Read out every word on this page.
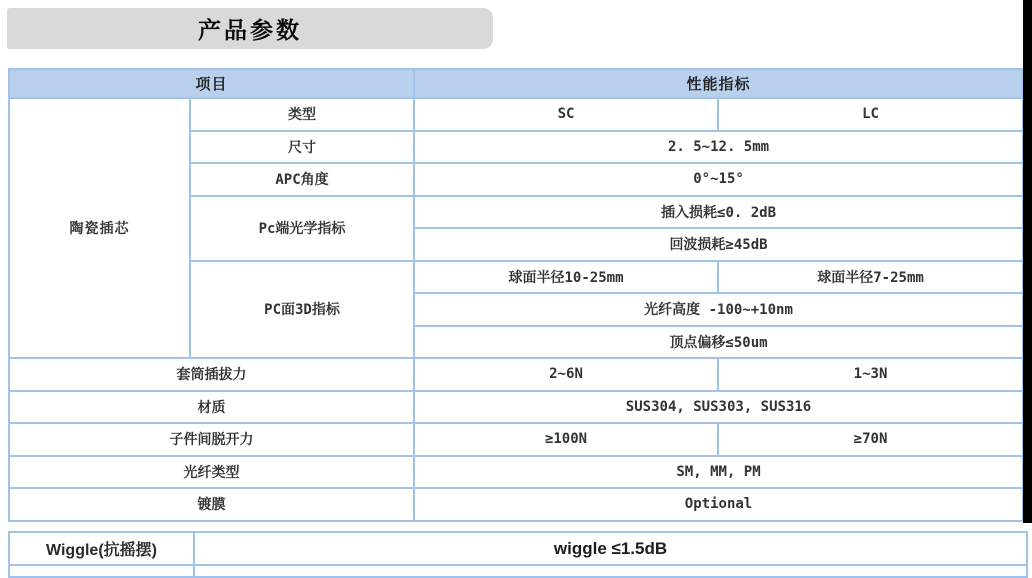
产品参数
项目		性能指标	
陶瓷插芯	类型	SC	LC
	尺寸	2. 5~12. 5mm	
	APC角度	0°~15°	
	Pc端光学指标	插入损耗≤0. 2dB	
		回波损耗≥45dB	
	PC面3D指标	球面半径10-25mm	球面半径7-25mm
		光纤高度 -100~+10nm	
		顶点偏移≤50um	
套筒插拔力		2~6N	1~3N
材质		SUS304, SUS303, SUS316	
子件间脱开力		≥100N	≥70N
光纤类型		SM, MM, PM	
镀膜		Optional	
Wiggle(抗摇摆)	wiggle ≤1.5dB
